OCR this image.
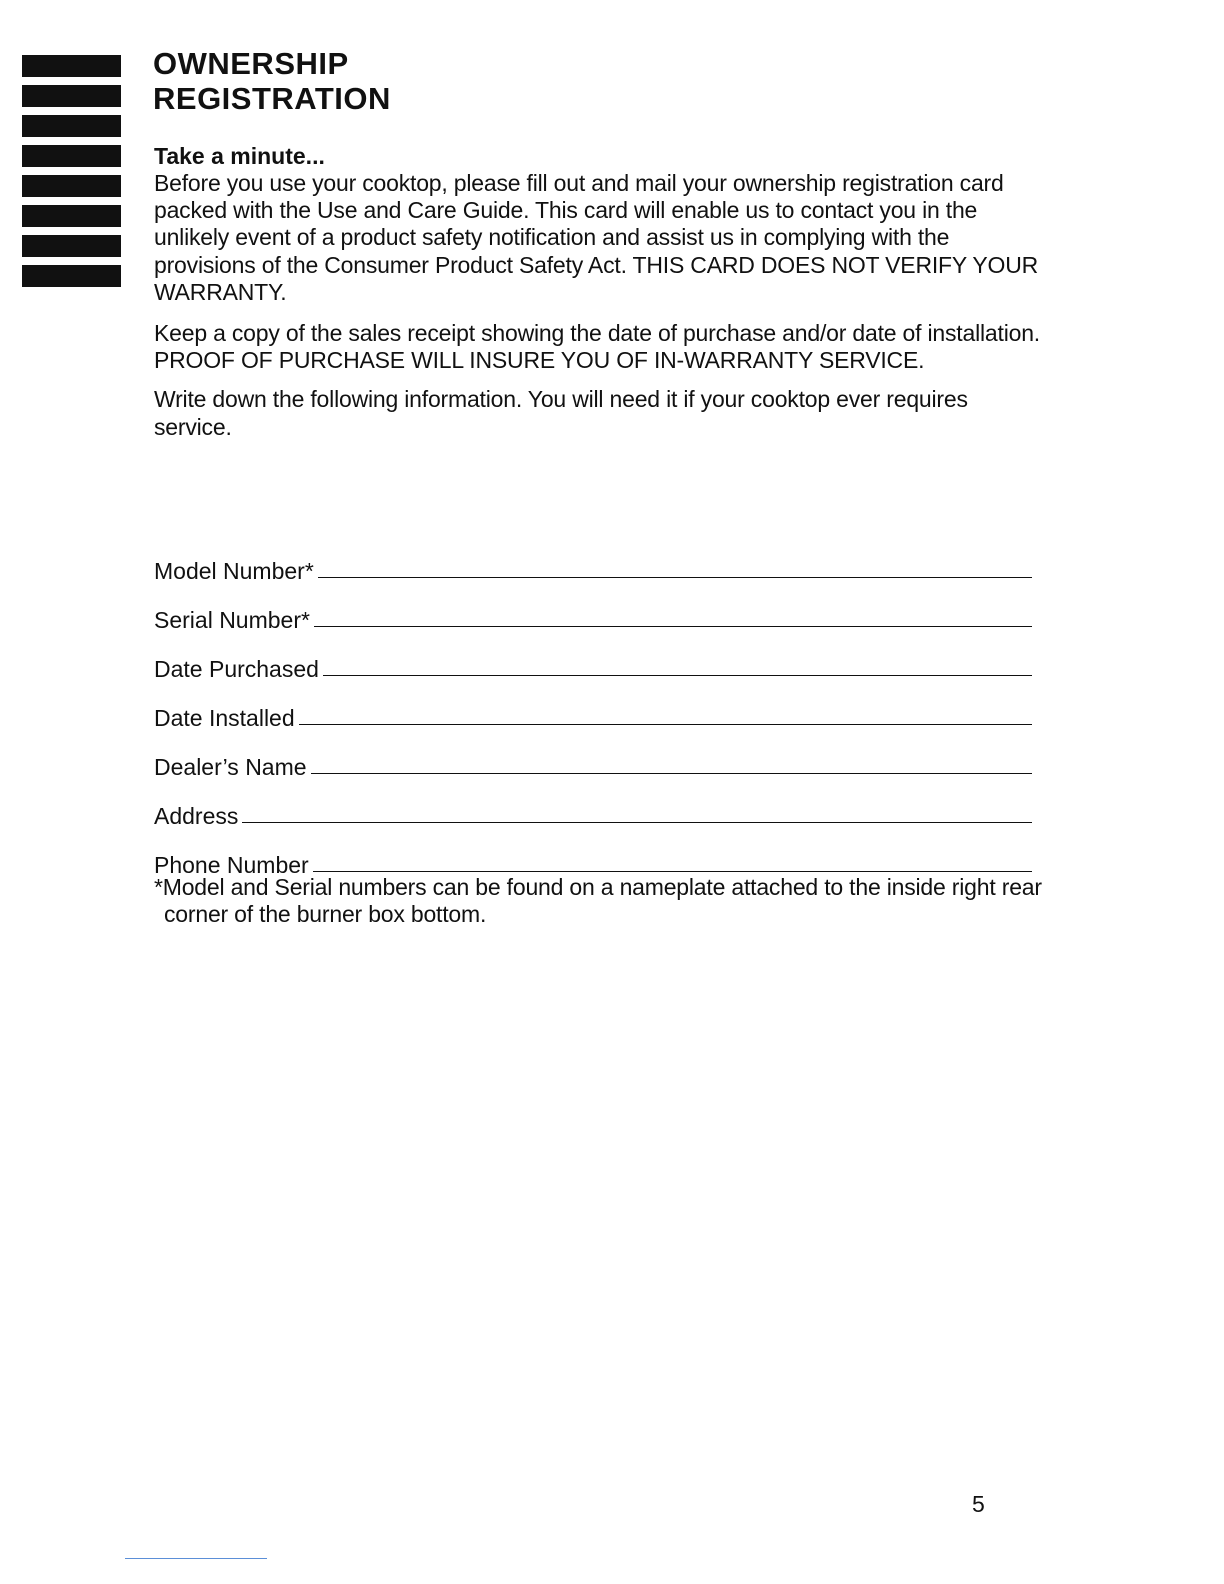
OWNERSHIP
REGISTRATION

Take a minute...

Before you use your cooktop, please fill out and mail your ownership registration card packed with the Use and Care Guide. This card will enable us to contact you in the unlikely event of a product safety notification and assist us in complying with the provisions of the Consumer Product Safety Act. THIS CARD DOES NOT VERIFY YOUR WARRANTY.

Keep a copy of the sales receipt showing the date of purchase and/or date of installation. PROOF OF PURCHASE WILL INSURE YOU OF IN-WARRANTY SERVICE.

Write down the following information. You will need it if your cooktop ever requires service.

Model Number*
Serial Number*
Date Purchased
Date Installed
Dealer’s Name
Address
Phone Number

*Model and Serial numbers can be found on a nameplate attached to the inside right rear corner of the burner box bottom.

5
